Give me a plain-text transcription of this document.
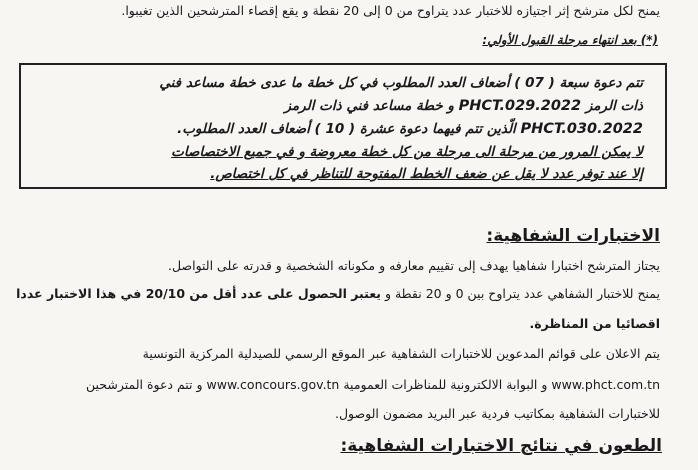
يمنح لكل مترشح إثر اجتيازه للاختبار عدد يتراوح من 0 إلى 20 نقطة و يقع إقصاء المترشحين الذين تغيبوا.
(*) بعد انتهاء مرحلة القبول الأولي:
تتم دعوة سبعة ( 07 ) أضعاف العدد المطلوب في كل خطة ما عدى خطة مساعد فني
ذات الرمز PHCT.029.2022 و خطة مساعد فني ذات الرمز
PHCT.030.2022 الّذين تتم فيهما دعوة عشرة ( 10 ) أضعاف العدد المطلوب.
لا يمكن المرور من مرحلة الى مرحلة من كل خطة معروضة و في جميع الاختصاصات
إلا عند توفر عدد لا يقل عن ضعف الخطط المفتوحة للتناظر في كل اختصاص.
الاختبارات الشفاهية:
يجتاز المترشح اختبارا شفاهيا يهدف إلى تقييم معارفه و مكوناته الشخصية و قدرته على التواصل.
يمنح للاختبار الشفاهي عدد يتراوح بين 0 و 20 نقطة و يعتبر الحصول على عدد أقل من 20/10 في هذا الاختبار عددا
اقصائيا من المناظرة.
يتم الاعلان على قوائم المدعوين للاختبارات الشفاهية عبر الموقع الرسمي للصيدلية المركزية التونسية
www.phct.com.tn و البوابة الالكترونية للمناظرات العمومية www.concours.gov.tn و تتم دعوة المترشحين
للاختبارات الشفاهية بمكاتيب فردية عبر البريد مضمون الوصول.
الطعون في نتائج الاختبارات الشفاهية:
